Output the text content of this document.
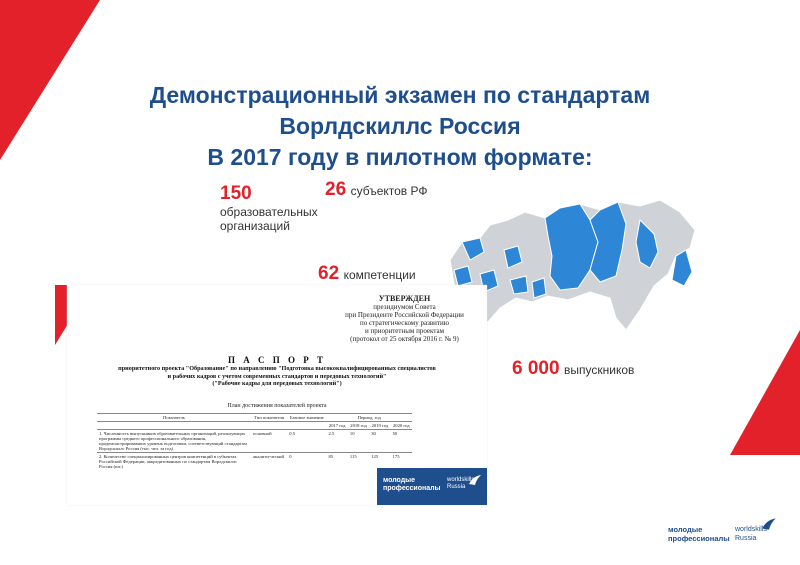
Демонстрационный экзамен по стандартам
Ворлдскиллс Россия
В 2017 году в пилотном формате:
150
образовательных
организаций
26 субъектов РФ
62 компетенции
6 000 выпускников
УТВЕРЖДЕН
президиумом Совета
при Президенте Российской Федерации
по стратегическому развитию
и приоритетным проектам
(протокол от 25 октября 2016 г. № 9)
П А С П О Р Т
приоритетного проекта "Образование" по направлению "Подготовка высококвалифицированных специалистов
и рабочих кадров с учетом современных стандартов и передовых технологий"
("Рабочие кадры для передовых технологий")
План достижения показателей проекта
Показатель	Тип показателя	Базовое значение	Период, год			
			2017 год	2018 год	2019 год	2020 год
1. Численность выпускников образовательных организаций, реализующих программы среднего профессионального образования, продемонстрировавших уровень подготовки, соответствующий стандартам Ворлдскиллс Россия (тыс. чел. за год)	основной	0,5	2,5	10	30	50
2. Количество специализированных центров компетенций в субъектах Российской Федерации, аккредитованных по стандартам Ворлдскиллс Россия (шт.)	аналити-ческий	0	85	115	125	175
молодые
профессионалы
worldskills
Russia
молодые
профессионалы
worldskills
Russia
